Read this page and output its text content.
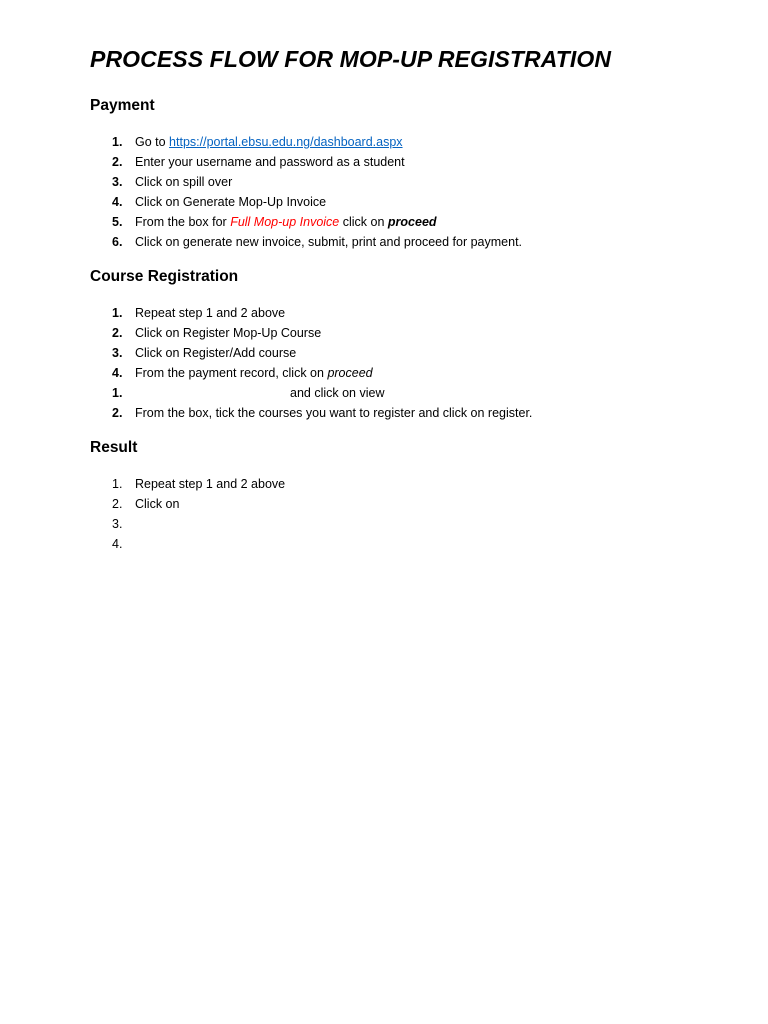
PROCESS FLOW FOR MOP-UP REGISTRATION
Payment
1. Go to https://portal.ebsu.edu.ng/dashboard.aspx
2. Enter your username and password as a student
3. Click on spill over
4. Click on Generate Mop-Up Invoice
5. From the box for Full Mop-up Invoice click on proceed
6. Click on generate new invoice, submit, print and proceed for payment.
Course Registration
1. Repeat step 1 and 2 above
2. Click on Register Mop-Up Course
3. Click on Register/Add course
4. From the payment record, click on proceed
1.	and click on view
2. From the box, tick the courses you want to register and click on register.
Result
1. Repeat step 1 and 2 above
2. Click on
3.
4.
